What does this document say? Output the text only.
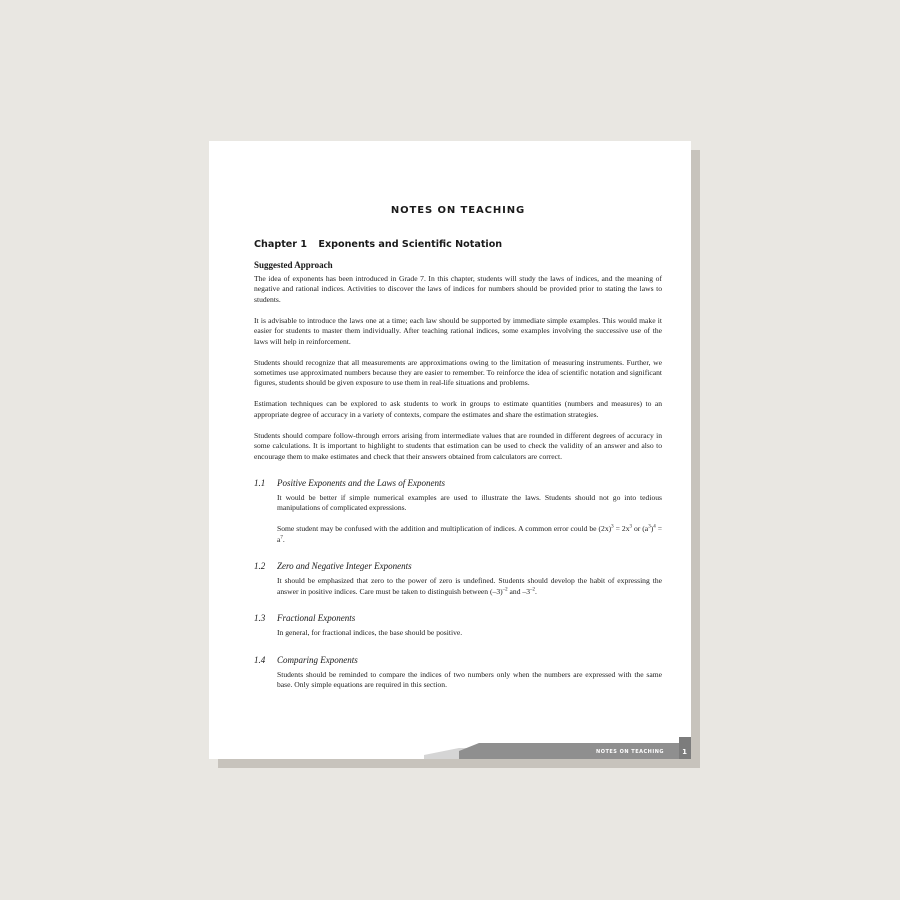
NOTES ON TEACHING
Chapter 1 Exponents and Scientific Notation
Suggested Approach

The idea of exponents has been introduced in Grade 7. In this chapter, students will study the laws of indices, and the meaning of negative and rational indices. Activities to discover the laws of indices for numbers should be provided prior to stating the laws to students.

It is advisable to introduce the laws one at a time; each law should be supported by immediate simple examples. This would make it easier for students to master them individually. After teaching rational indices, some examples involving the successive use of the laws will help in reinforcement.

Students should recognize that all measurements are approximations owing to the limitation of measuring instruments. Further, we sometimes use approximated numbers because they are easier to remember. To reinforce the idea of scientific notation and significant figures, students should be given exposure to use them in real-life situations and problems.

Estimation techniques can be explored to ask students to work in groups to estimate quantities (numbers and measures) to an appropriate degree of accuracy in a variety of contexts, compare the estimates and share the estimation strategies.

Students should compare follow-through errors arising from intermediate values that are rounded in different degrees of accuracy in some calculations. It is important to highlight to students that estimation can be used to check the validity of an answer and also to encourage them to make estimates and check that their answers obtained from calculators are correct.

1.1 Positive Exponents and the Laws of Exponents

It would be better if simple numerical examples are used to illustrate the laws. Students should not go into tedious manipulations of complicated expressions.

Some student may be confused with the addition and multiplication of indices. A common error could be $(2x)^3 = 2x^3$ or $(a^3)^4 = a^7$.

1.2 Zero and Negative Integer Exponents

It should be emphasized that zero to the power of zero is undefined. Students should develop the habit of expressing the answer in positive indices. Care must be taken to distinguish between $(-3)^{-2}$ and $-3^{-2}$.

1.3 Fractional Exponents

In general, for fractional indices, the base should be positive.

1.4 Comparing Exponents

Students should be reminded to compare the indices of two numbers only when the numbers are expressed with the same base. Only simple equations are required in this section.

NOTES ON TEACHING	1
